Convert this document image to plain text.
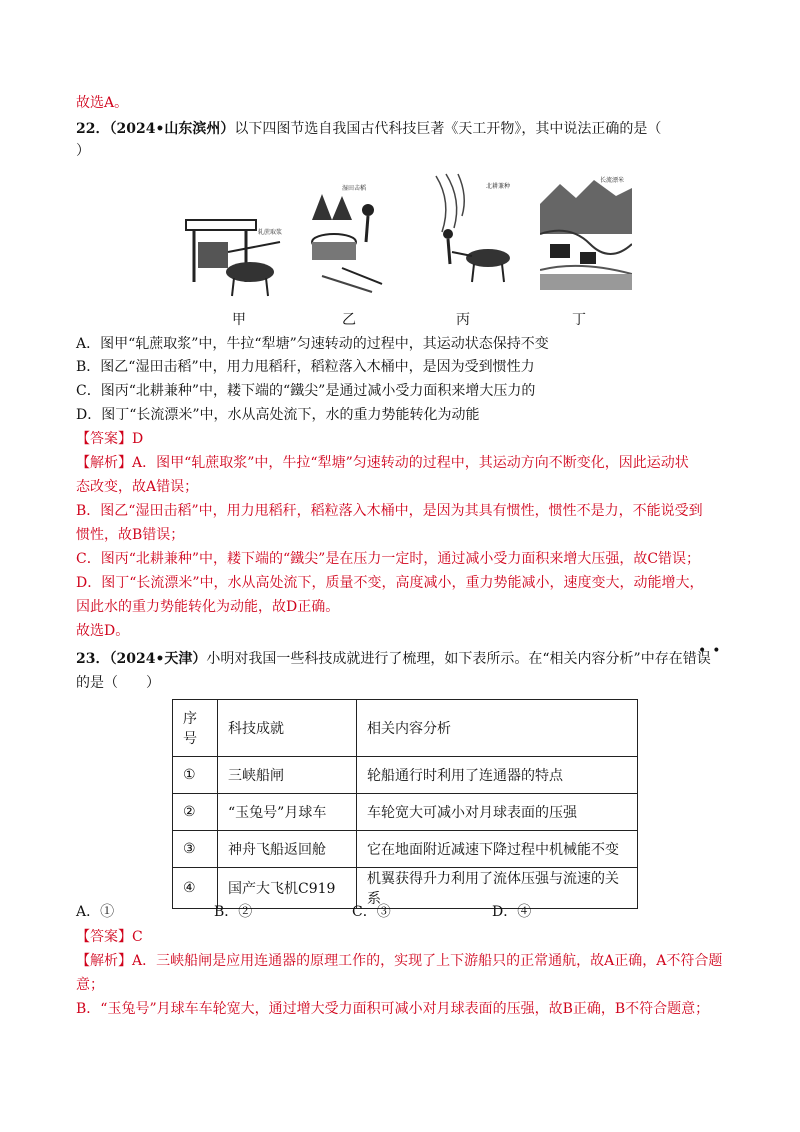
故选A。
22．（2024•山东滨州）以下四图节选自我国古代科技巨著《天工开物》，其中说法正确的是（
）
轧蔗取浆
湿田击稻	北耕兼种
长流漂米
甲	乙	丙	丁
A．图甲“轧蔗取浆”中，牛拉“犁塘”匀速转动的过程中，其运动状态保持不变
B．图乙“湿田击稻”中，用力甩稻秆，稻粒落入木桶中，是因为受到惯性力
C．图丙“北耕兼种”中，耧下端的“鐵尖”是通过减小受力面积来增大压力的
D．图丁“长流漂米”中，水从高处流下，水的重力势能转化为动能
【答案】D
【解析】A．图甲“轧蔗取浆”中，牛拉“犁塘”匀速转动的过程中，其运动方向不断变化，因此运动状
态改变，故A错误；
B．图乙“湿田击稻”中，用力甩稻秆，稻粒落入木桶中，是因为其具有惯性，惯性不是力，不能说受到
惯性，故B错误；
C．图丙“北耕兼种”中，耧下端的“鐵尖”是在压力一定时，通过减小受力面积来增大压强，故C错误；
D．图丁“长流漂米”中，水从高处流下，质量不变，高度减小，重力势能减小，速度变大，动能增大，
因此水的重力势能转化为动能，故D正确。
故选D。
••
23．（2024•天津）小明对我国一些科技成就进行了梳理，如下表所示。在“相关内容分析”中存在错误
的是（　　）
序
号	科技成就	相关内容分析
①	三峡船闸	轮船通行时利用了连通器的特点
②	“玉兔号”月球车	车轮宽大可减小对月球表面的压强
③	神舟飞船返回舱	它在地面附近减速下降过程中机械能不变
④	国产大飞机C919	机翼获得升力利用了流体压强与流速的关系
A．①	B．②	C．③	D．④
【答案】C
【解析】A．三峡船闸是应用连通器的原理工作的，实现了上下游船只的正常通航，故A正确，A不符合题
意；
B．“玉兔号”月球车车轮宽大，通过增大受力面积可减小对月球表面的压强，故B正确，B不符合题意；
